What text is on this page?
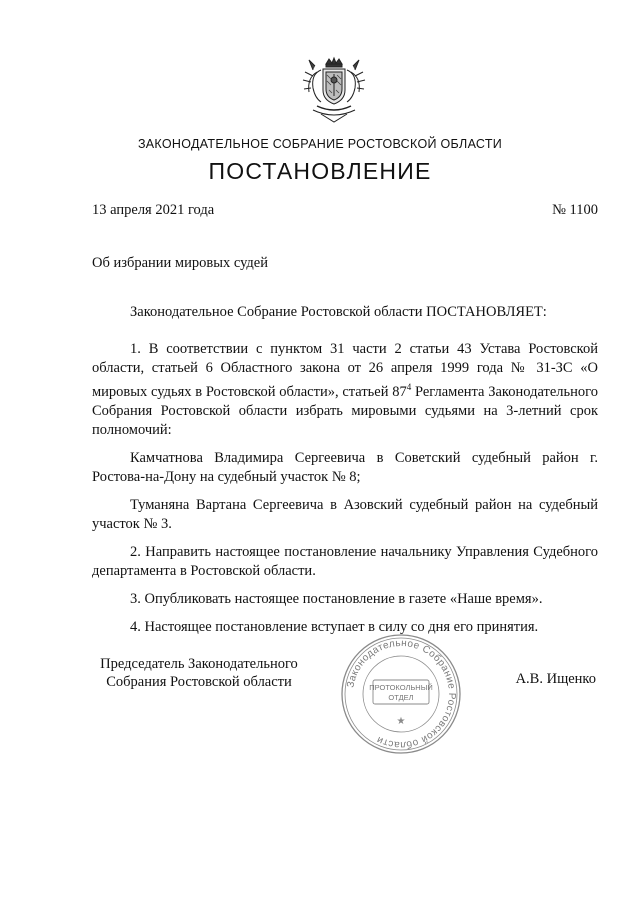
ЗАКОНОДАТЕЛЬНОЕ СОБРАНИЕ РОСТОВСКОЙ ОБЛАСТИ
ПОСТАНОВЛЕНИЕ
13 апреля 2021 года	№ 1100
Об избрании мировых судей

Законодательное Собрание Ростовской области ПОСТАНОВЛЯЕТ:

1. В соответствии с пунктом 31 части 2 статьи 43 Устава Ростовской области, статьей 6 Областного закона от 26 апреля 1999 года № 31-ЗС «О мировых судьях в Ростовской области», статьей $87^4$ Регламента Законодательного Собрания Ростовской области избрать мировыми судьями на 3-летний срок полномочий:

Камчатнова Владимира Сергеевича в Советский судебный район г. Ростова-на-Дону на судебный участок № 8;

Туманяна Вартана Сергеевича в Азовский судебный район на судебный участок № 3.

2. Направить настоящее постановление начальнику Управления Судебного департамента в Ростовской области.

3. Опубликовать настоящее постановление в газете «Наше время».

4. Настоящее постановление вступает в силу со дня его принятия.

Председатель Законодательного
Собрания Ростовской области	Законодательное Собрание Ростовской области
ПРОТОКОЛЬНЫЙ
ОТДЕЛ
★
А.В. Ищенко
